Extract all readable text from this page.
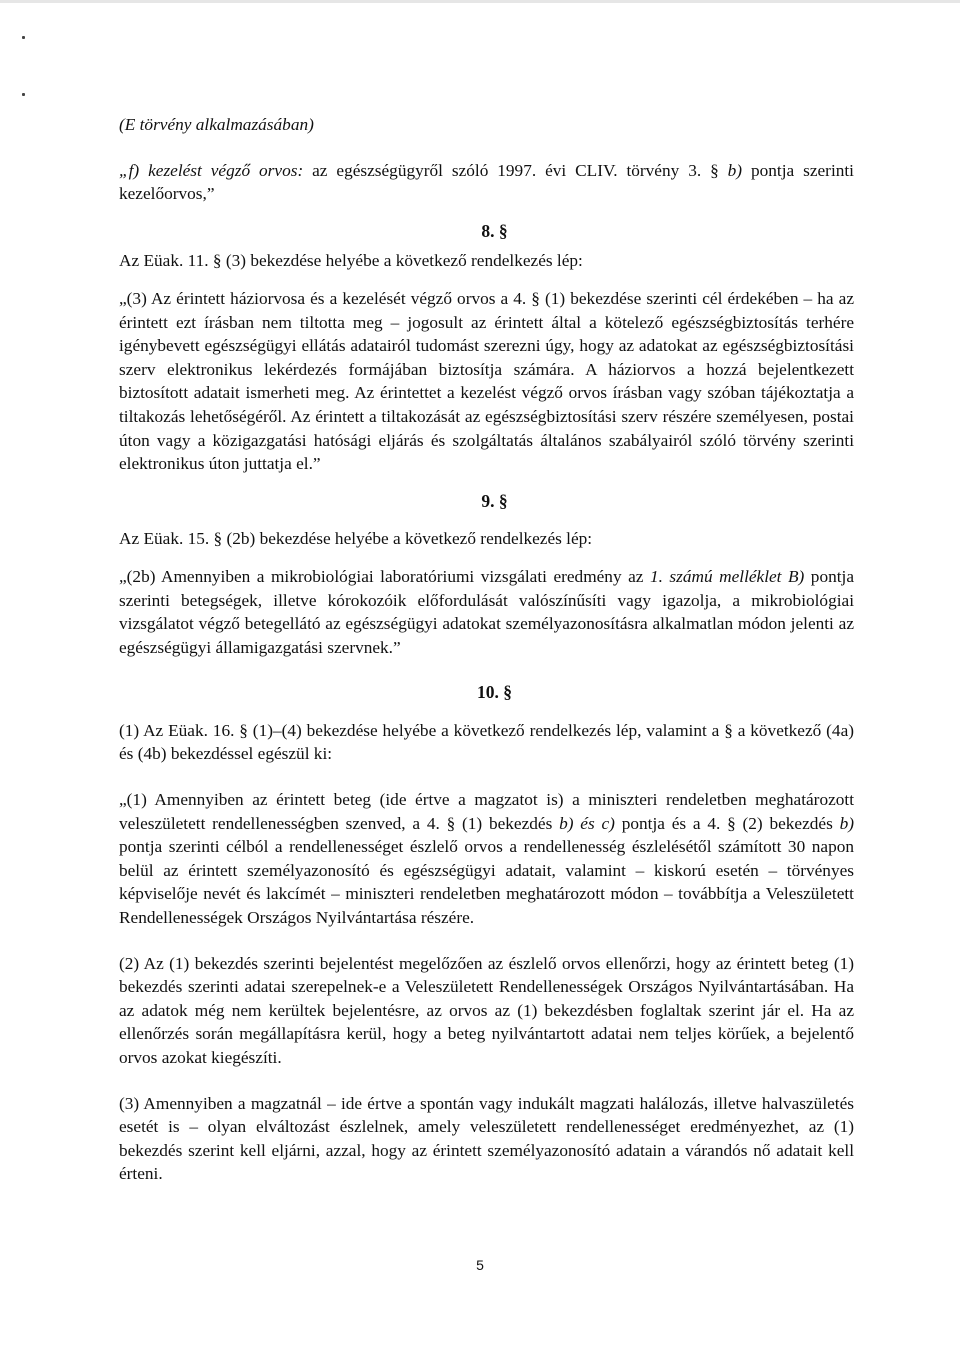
(E törvény alkalmazásában)

„f) kezelést végző orvos: az egészségügyről szóló 1997. évi CLIV. törvény 3. § b) pontja szerinti kezelőorvos,”

8. §

Az Eüak. 11. § (3) bekezdése helyébe a következő rendelkezés lép:

„(3) Az érintett háziorvosa és a kezelését végző orvos a 4. § (1) bekezdése szerinti cél érdekében – ha az érintett ezt írásban nem tiltotta meg – jogosult az érintett által a kötelező egészségbiztosítás terhére igénybevett egészségügyi ellátás adatairól tudomást szerezni úgy, hogy az adatokat az egészségbiztosítási szerv elektronikus lekérdezés formájában biztosítja számára. A háziorvos a hozzá bejelentkezett biztosított adatait ismerheti meg. Az érintettet a kezelést végző orvos írásban vagy szóban tájékoztatja a tiltakozás lehetőségéről. Az érintett a tiltakozását az egészségbiztosítási szerv részére személyesen, postai úton vagy a közigazgatási hatósági eljárás és szolgáltatás általános szabályairól szóló törvény szerinti elektronikus úton juttatja el.”

9. §

Az Eüak. 15. § (2b) bekezdése helyébe a következő rendelkezés lép:

„(2b) Amennyiben a mikrobiológiai laboratóriumi vizsgálati eredmény az 1. számú melléklet B) pontja szerinti betegségek, illetve kórokozóik előfordulását valószínűsíti vagy igazolja, a mikrobiológiai vizsgálatot végző betegellátó az egészségügyi adatokat személyazonosításra alkalmatlan módon jelenti az egészségügyi államigazgatási szervnek.”

10. §

(1) Az Eüak. 16. § (1)–(4) bekezdése helyébe a következő rendelkezés lép, valamint a § a következő (4a) és (4b) bekezdéssel egészül ki:

„(1) Amennyiben az érintett beteg (ide értve a magzatot is) a miniszteri rendeletben meghatározott veleszületett rendellenességben szenved, a 4. § (1) bekezdés b) és c) pontja és a 4. § (2) bekezdés b) pontja szerinti célból a rendellenességet észlelő orvos a rendellenesség észlelésétől számított 30 napon belül az érintett személyazonosító és egészségügyi adatait, valamint – kiskorú esetén – törvényes képviselője nevét és lakcímét – miniszteri rendeletben meghatározott módon – továbbítja a Veleszületett Rendellenességek Országos Nyilvántartása részére.

(2) Az (1) bekezdés szerinti bejelentést megelőzően az észlelő orvos ellenőrzi, hogy az érintett beteg (1) bekezdés szerinti adatai szerepelnek-e a Veleszületett Rendellenességek Országos Nyilvántartásában. Ha az adatok még nem kerültek bejelentésre, az orvos az (1) bekezdésben foglaltak szerint jár el. Ha az ellenőrzés során megállapításra kerül, hogy a beteg nyilvántartott adatai nem teljes körűek, a bejelentő orvos azokat kiegészíti.

(3) Amennyiben a magzatnál – ide értve a spontán vagy indukált magzati halálozás, illetve halvaszületés esetét is – olyan elváltozást észlelnek, amely veleszületett rendellenességet eredményezhet, az (1) bekezdés szerint kell eljárni, azzal, hogy az érintett személyazonosító adatain a várandós nő adatait kell érteni.

5
